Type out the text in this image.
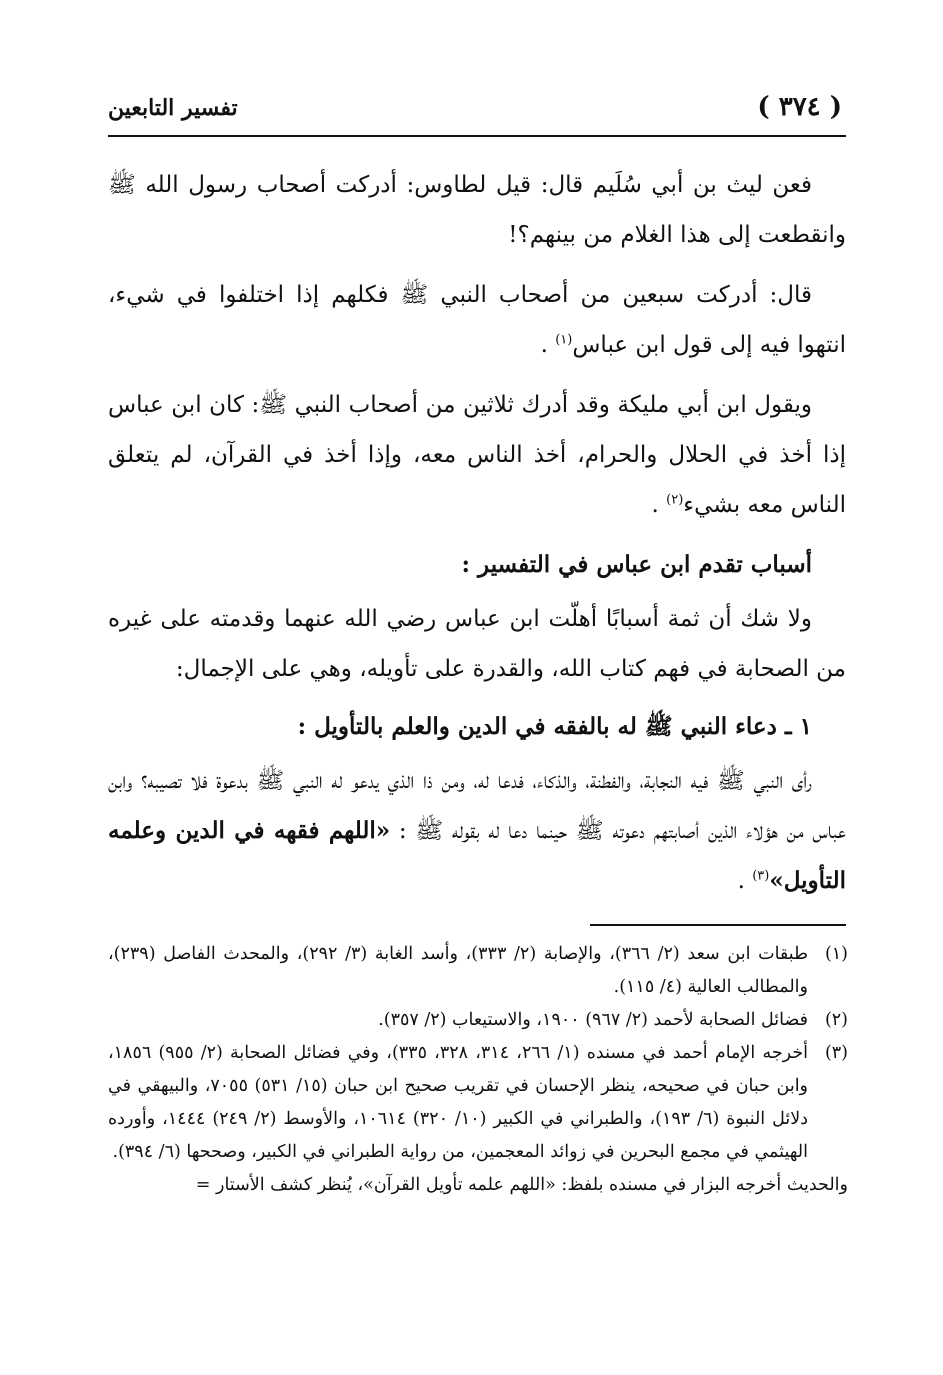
( ٣٧٤ )
تفسير التابعين

فعن ليث بن أبي سُلَيم قال: قيل لطاوس: أدركت أصحاب رسول الله ﷺ وانقطعت إلى هذا الغلام من بينهم؟!

قال: أدركت سبعين من أصحاب النبي ﷺ فكلهم إذا اختلفوا في شيء، انتهوا فيه إلى قول ابن عباس$^{(١)}$ .

ويقول ابن أبي مليكة وقد أدرك ثلاثين من أصحاب النبي ﷺ: كان ابن عباس إذا أخذ في الحلال والحرام، أخذ الناس معه، وإذا أخذ في القرآن، لم يتعلق الناس معه بشيء$^{(٢)}$ .

أسباب تقدم ابن عباس في التفسير :

ولا شك أن ثمة أسبابًا أهلّت ابن عباس رضي الله عنهما وقدمته على غيره من الصحابة في فهم كتاب الله، والقدرة على تأويله، وهي على الإجمال:

١ ـ دعاء النبي ﷺ له بالفقه في الدين والعلم بالتأويل :

رأى النبي ﷺ فيه النجابة، والفطنة، والذكاء، فدعا له، ومن ذا الذي يدعو له النبي ﷺ بدعوة فلا تصيبه؟ وابن عباس من هؤلاء الذين أصابتهم دعوته ﷺ حينما دعا له بقوله ﷺ : «اللهم فقهه في الدين وعلمه التأويل»$^{(٣)}$ .

(١)
طبقات ابن سعد (٢/ ٣٦٦)، والإصابة (٢/ ٣٣٣)، وأسد الغابة (٣/ ٢٩٢)، والمحدث الفاصل (٢٣٩)، والمطالب العالية (٤/ ١١٥).

(٢)
فضائل الصحابة لأحمد (٢/ ٩٦٧) ١٩٠٠، والاستيعاب (٢/ ٣٥٧).

(٣)
أخرجه الإمام أحمد في مسنده (١/ ٢٦٦، ٣١٤، ٣٢٨، ٣٣٥)، وفي فضائل الصحابة (٢/ ٩٥٥) ١٨٥٦، وابن حبان في صحيحه، ينظر الإحسان في تقريب صحيح ابن حبان (١٥/ ٥٣١) ٧٠٥٥، والبيهقي في دلائل النبوة (٦/ ١٩٣)، والطبراني في الكبير (١٠/ ٣٢٠) ١٠٦١٤، والأوسط (٢/ ٢٤٩) ١٤٤٤، وأورده الهيثمي في مجمع البحرين في زوائد المعجمين، من رواية الطبراني في الكبير، وصححها (٦/ ٣٩٤).

والحديث أخرجه البزار في مسنده بلفظ: «اللهم علمه تأويل القرآن»، يُنظر كشف الأستار =
